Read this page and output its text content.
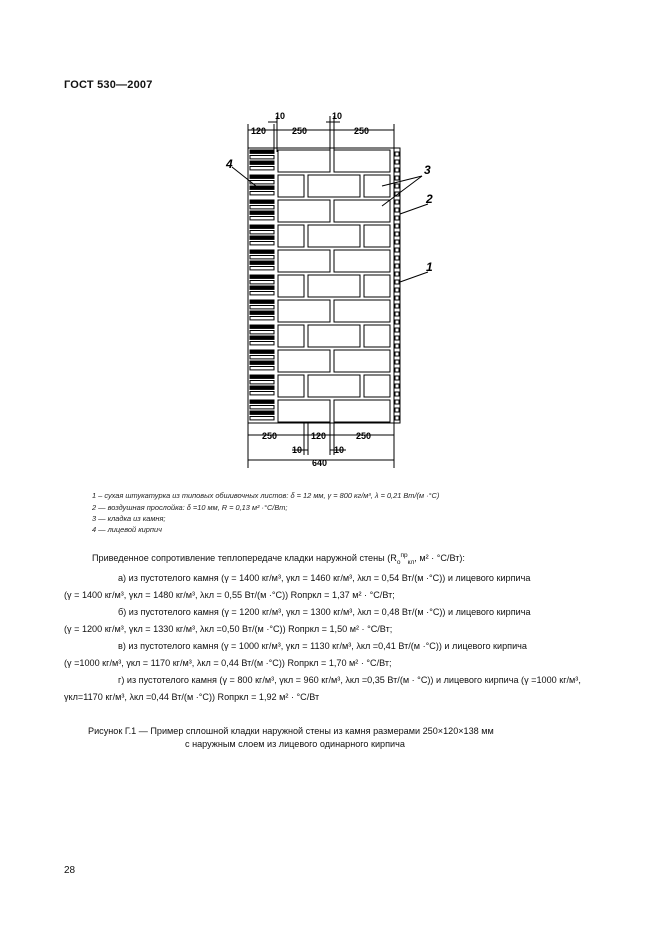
ГОСТ 530—2007
120	250	250
10	10
250	120	250
10	10
640
4	3
2
1
1 – сухая штукатурка из типовых обшивочных листов: δ = 12 мм, γ = 800 кг/м³, λ = 0,21 Вт/(м ·°С)
2 — воздушная прослойка: δ =10 мм, R = 0,13 м² ·°С/Вт;
3 — кладка из камня;
4 — лицевой кирпич
Приведенное сопротивление теплопередаче кладки наружной стены ($R_о^{пр}_{кл}$, м² · °С/Вт):
а) из пустотелого камня (γ = 1400 кг/м³, γкл = 1460 кг/м³, λкл = 0,54 Вт/(м ·°С)) и лицевого кирпича
(γ = 1400 кг/м³, γкл = 1480 кг/м³, λкл = 0,55 Вт/(м ·°С)) Rопркл = 1,37 м² · °С/Вт;
б) из пустотелого камня (γ = 1200 кг/м³, γкл = 1300 кг/м³, λкл = 0,48 Вт/(м ·°С)) и лицевого кирпича
(γ = 1200 кг/м³, γкл = 1330 кг/м³, λкл =0,50 Вт/(м ·°С)) Rопркл = 1,50 м² · °С/Вт;
в) из пустотелого камня (γ = 1000 кг/м³, γкл = 1130 кг/м³, λкл =0,41 Вт/(м ·°С)) и лицевого кирпича
(γ =1000 кг/м³, γкл = 1170 кг/м³, λкл = 0,44 Вт/(м ·°С)) Rопркл = 1,70 м² · °С/Вт;
г) из пустотелого камня (γ = 800 кг/м³, γкл = 960 кг/м³, λкл =0,35 Вт/(м · °С)) и лицевого кирпича (γ =1000 кг/м³,
γкл=1170 кг/м³, λкл =0,44 Вт/(м ·°С)) Rопркл = 1,92 м² · °С/Вт
Рисунок Г.1 — Пример сплошной кладки наружной стены из камня размерами 250×120×138 мм
с наружным слоем из лицевого одинарного кирпича
28
